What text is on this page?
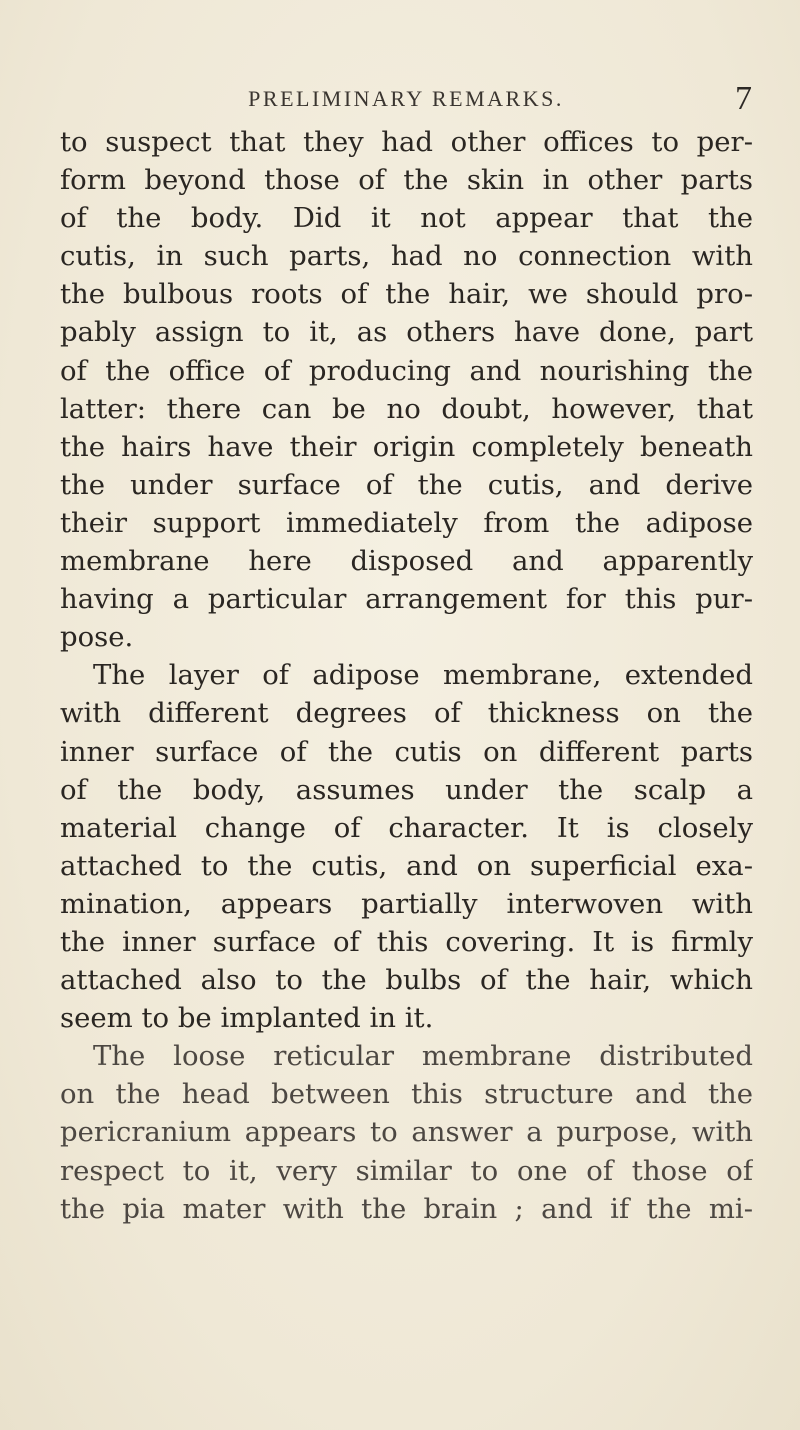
PRELIMINARY REMARKS.	7
to suspect that they had other offices to per-
form beyond those of the skin in other parts
of the body. Did it not appear that the
cutis, in such parts, had no connection with
the bulbous roots of the hair, we should pro-
pably assign to it, as others have done, part
of the office of producing and nourishing the
latter: there can be no doubt, however, that
the hairs have their origin completely beneath
the under surface of the cutis, and derive
their support immediately from the adipose
membrane here disposed and apparently
having a particular arrangement for this pur-
pose.
The layer of adipose membrane, extended
with different degrees of thickness on the
inner surface of the cutis on different parts
of the body, assumes under the scalp a
material change of character. It is closely
attached to the cutis, and on superficial exa-
mination, appears partially interwoven with
the inner surface of this covering. It is firmly
attached also to the bulbs of the hair, which
seem to be implanted in it.
The loose reticular membrane distributed
on the head between this structure and the
pericranium appears to answer a purpose, with
respect to it, very similar to one of those of
the pia mater with the brain ; and if the mi-
